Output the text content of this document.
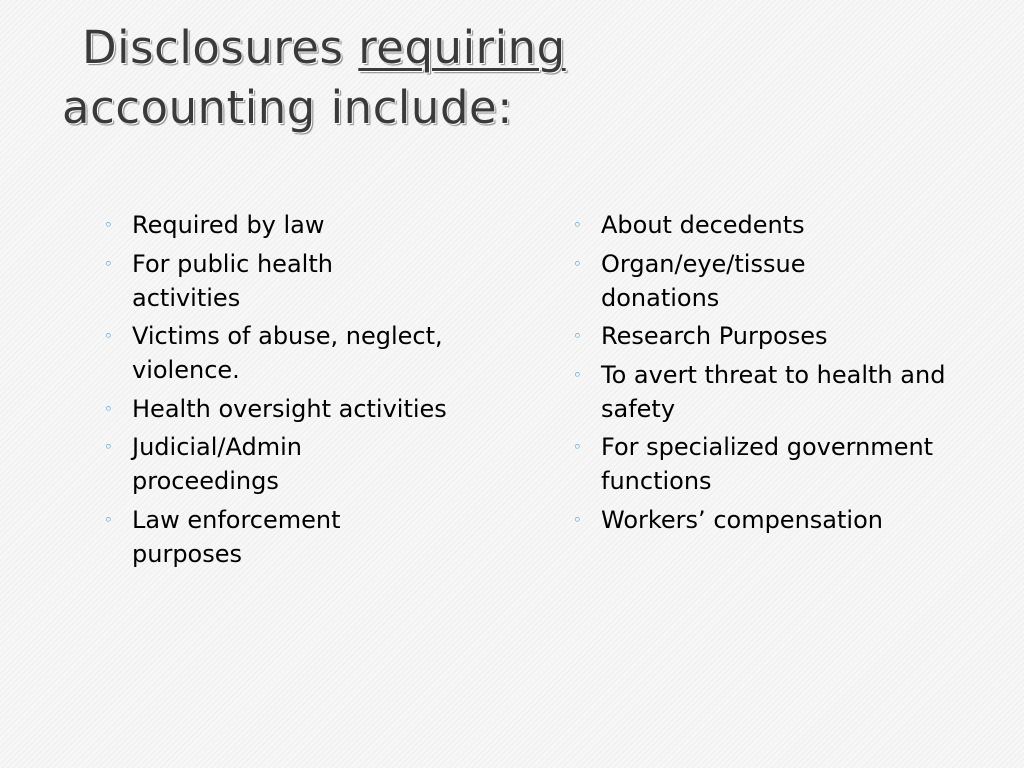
Disclosures requiring
accounting include:
◦ Required by law
◦ For public health activities
◦ Victims of abuse, neglect, violence.
◦ Health oversight activities
◦ Judicial/Admin proceedings
◦ Law enforcement purposes
◦ About decedents
◦ Organ/eye/tissue donations
◦ Research Purposes
◦ To avert threat to health and safety
◦ For specialized government functions
◦ Workers’ compensation
